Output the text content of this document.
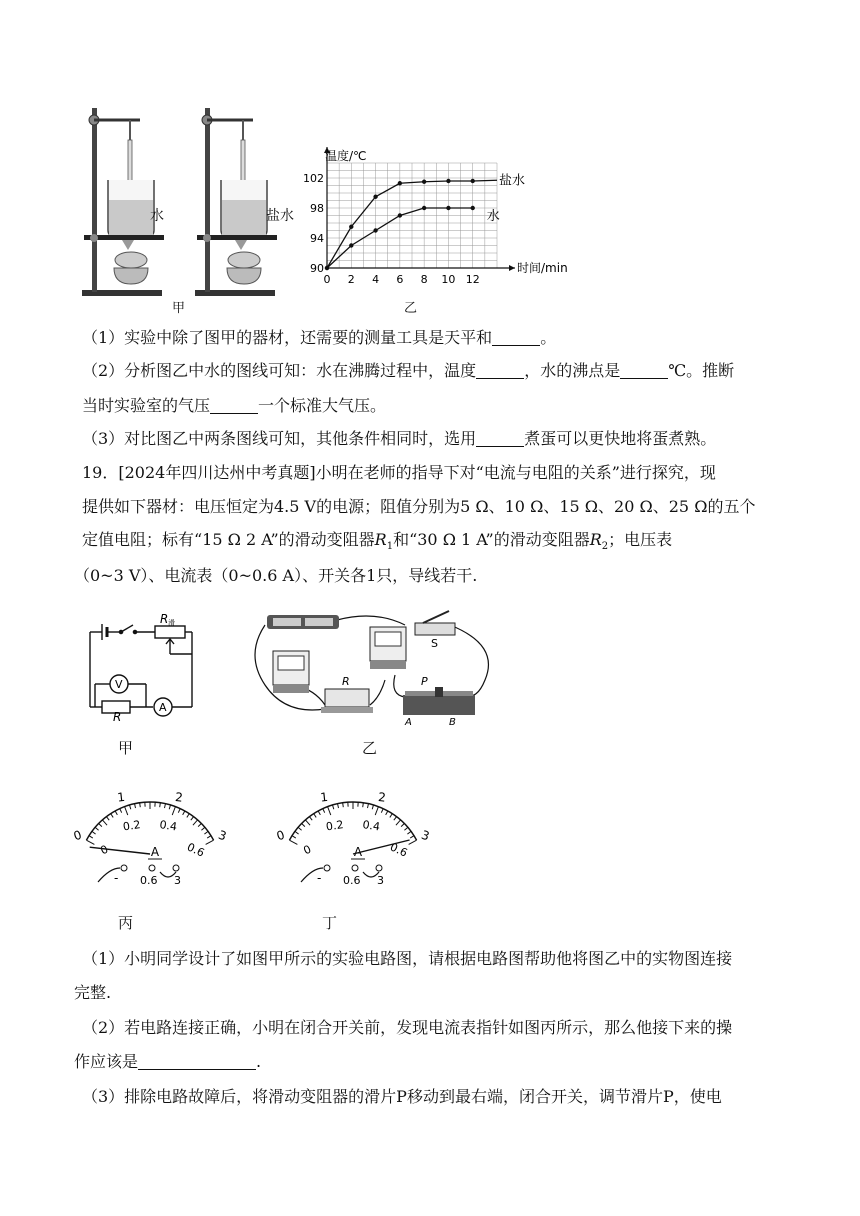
水	盐水
甲
0 2 4 6 8 10 12
90
94
98
102
温度/℃
时间/min
盐水
水
乙
（1）实验中除了图甲的器材，还需要的测量工具是天平和	。
（2）分析图乙中水的图线可知：水在沸腾过程中，温度	，水的沸点是	℃。推断
当时实验室的气压	一个标准大气压。
（3）对比图乙中两条图线可知，其他条件相同时，选用	煮蛋可以更快地将蛋煮熟。
19．[2024年四川达州中考真题]小明在老师的指导下对“电流与电阻的关系”进行探究，现
提供如下器材：电压恒定为4.5 V的电源；阻值分别为5 Ω、10 Ω、15 Ω、20 Ω、25 Ω的五个
定值电阻；标有“15 Ω 2 A”的滑动变阻器$R_1$和“30 Ω 1 A”的滑动变阻器$R_2$；电压表
（0~3 V）、电流表（0~0.6 A）、开关各1只，导线若干.
R 滑
V
A
R
甲
S
R	P
A	B
乙
0
1	2
3
0
0.2 0.4
0.6
A
- 0.6 3
丙
0
1	2
3
0
0.2 0.4
0.6
A
- 0.6 3
丁
（1）小明同学设计了如图甲所示的实验电路图，请根据电路图帮助他将图乙中的实物图连接
完整.
（2）若电路连接正确，小明在闭合开关前，发现电流表指针如图丙所示，那么他接下来的操
作应该是	.
（3）排除电路故障后，将滑动变阻器的滑片P移动到最右端，闭合开关，调节滑片P，使电
